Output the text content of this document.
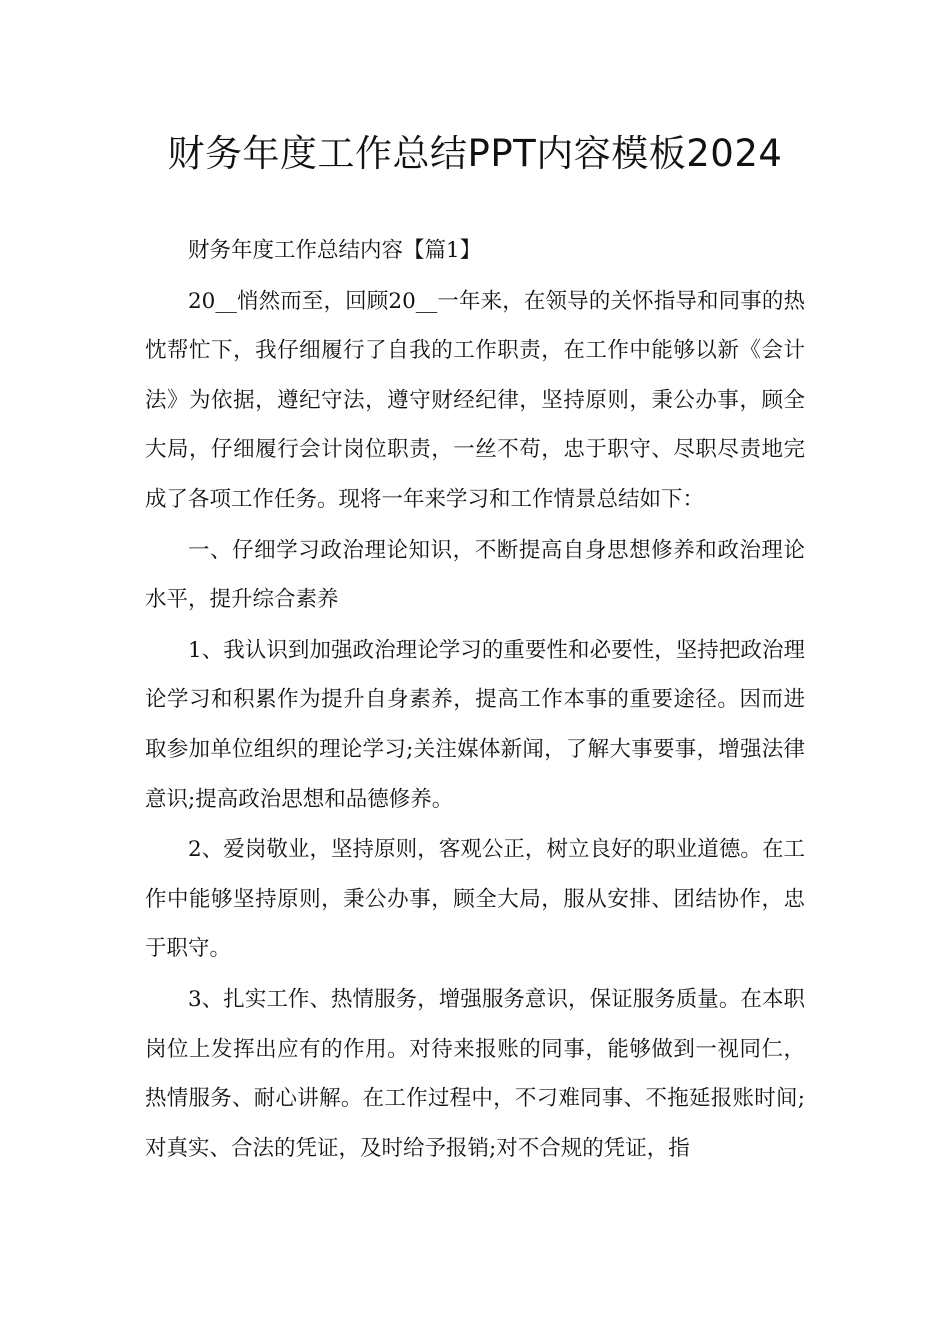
财务年度工作总结PPT内容模板2024

财务年度工作总结内容【篇1】

20__悄然而至，回顾20__一年来，在领导的关怀指导和同事的热忱帮忙下，我仔细履行了自我的工作职责，在工作中能够以新《会计法》为依据，遵纪守法，遵守财经纪律，坚持原则，秉公办事，顾全大局，仔细履行会计岗位职责，一丝不苟，忠于职守、尽职尽责地完成了各项工作任务。现将一年来学习和工作情景总结如下：

一、仔细学习政治理论知识，不断提高自身思想修养和政治理论水平，提升综合素养

1、我认识到加强政治理论学习的重要性和必要性，坚持把政治理论学习和积累作为提升自身素养，提高工作本事的重要途径。因而进取参加单位组织的理论学习;关注媒体新闻，了解大事要事，增强法律意识;提高政治思想和品德修养。

2、爱岗敬业，坚持原则，客观公正，树立良好的职业道德。在工作中能够坚持原则，秉公办事，顾全大局，服从安排、团结协作，忠于职守。

3、扎实工作、热情服务，增强服务意识，保证服务质量。在本职岗位上发挥出应有的作用。对待来报账的同事，能够做到一视同仁，热情服务、耐心讲解。在工作过程中，不刁难同事、不拖延报账时间;对真实、合法的凭证，及时给予报销;对不合规的凭证，指
